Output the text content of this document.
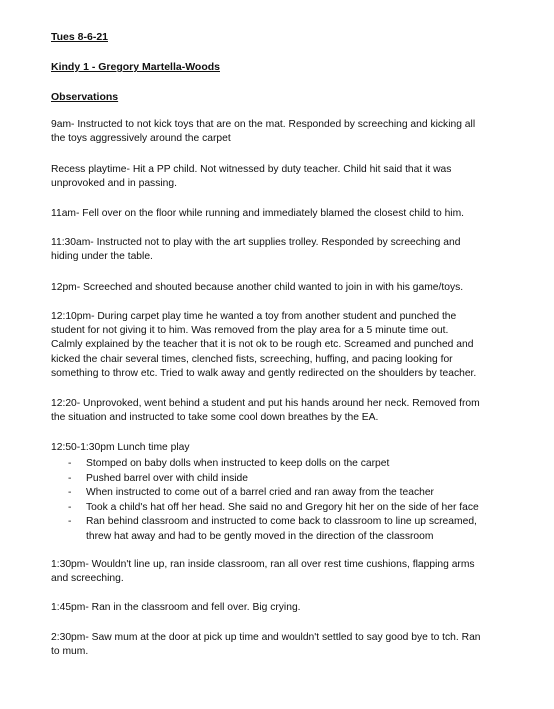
Tues 8-6-21
Kindy 1 - Gregory Martella-Woods
Observations
9am- Instructed to not kick toys that are on the mat. Responded by screeching and kicking all
the toys aggressively around the carpet
Recess playtime- Hit a PP child. Not witnessed by duty teacher. Child hit said that it was
unprovoked and in passing.
11am- Fell over on the floor while running and immediately blamed the closest child to him.
11:30am- Instructed not to play with the art supplies trolley. Responded by screeching and
hiding under the table.
12pm- Screeched and shouted because another child wanted to join in with his game/toys.
12:10pm- During carpet play time he wanted a toy from another student and punched the
student for not giving it to him. Was removed from the play area for a 5 minute time out.
Calmly explained by the teacher that it is not ok to be rough etc. Screamed and punched and
kicked the chair several times, clenched fists, screeching, huffing, and pacing looking for
something to throw etc. Tried to walk away and gently redirected on the shoulders by teacher.
12:20- Unprovoked, went behind a student and put his hands around her neck. Removed from
the situation and instructed to take some cool down breathes by the EA.
12:50-1:30pm Lunch time play
- Stomped on baby dolls when instructed to keep dolls on the carpet
- Pushed barrel over with child inside
- When instructed to come out of a barrel cried and ran away from the teacher
- Took a child's hat off her head. She said no and Gregory hit her on the side of her face
- Ran behind classroom and instructed to come back to classroom to line up screamed,
threw hat away and had to be gently moved in the direction of the classroom
1:30pm- Wouldn't line up, ran inside classroom, ran all over rest time cushions, flapping arms
and screeching.
1:45pm- Ran in the classroom and fell over. Big crying.
2:30pm- Saw mum at the door at pick up time and wouldn't settled to say good bye to tch. Ran
to mum.
